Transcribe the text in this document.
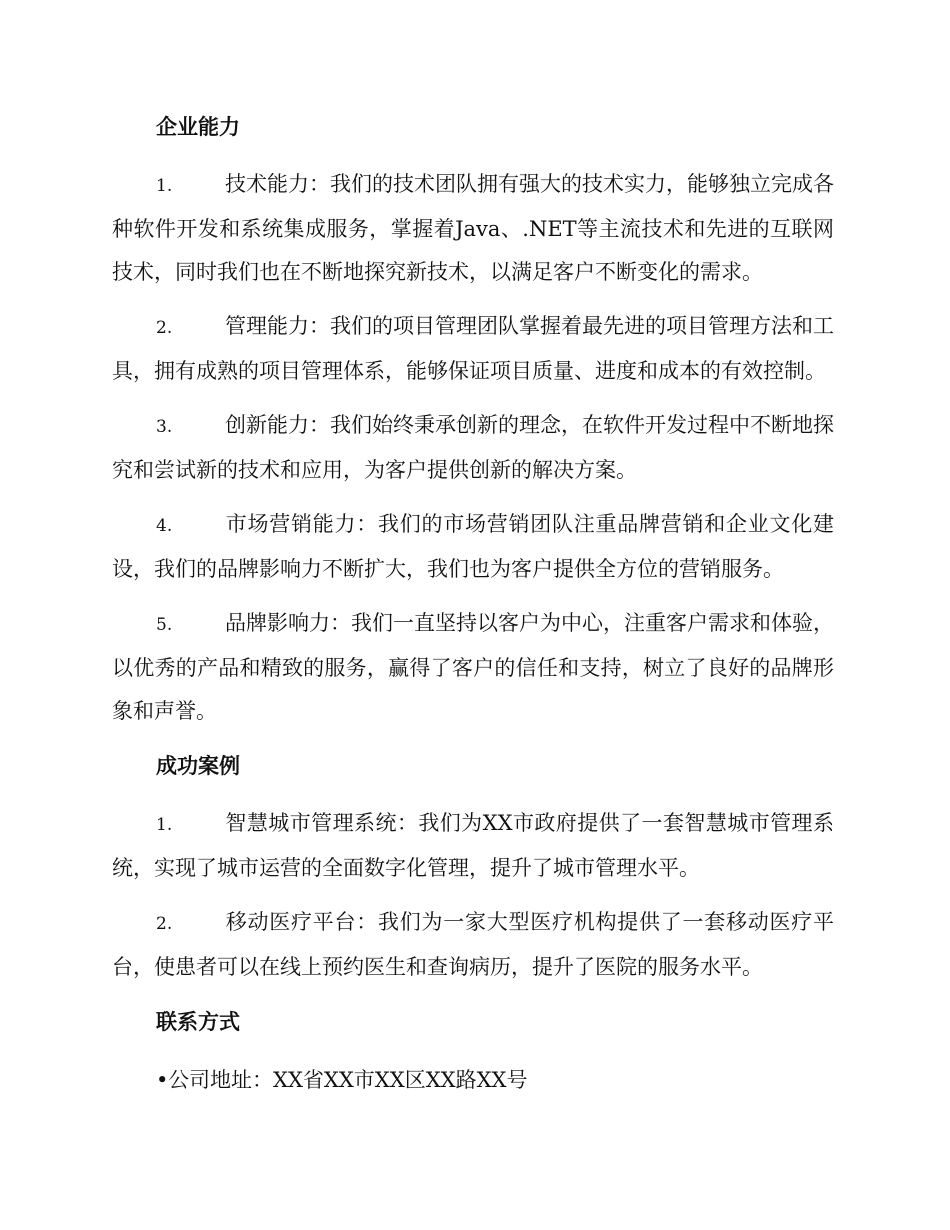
企业能力

1.	技术能力：我们的技术团队拥有强大的技术实力，能够独立完成各种软件开发和系统集成服务，掌握着Java、.NET等主流技术和先进的互联网技术，同时我们也在不断地探究新技术，以满足客户不断变化的需求。

2.	管理能力：我们的项目管理团队掌握着最先进的项目管理方法和工具，拥有成熟的项目管理体系，能够保证项目质量、进度和成本的有效控制。

3.	创新能力：我们始终秉承创新的理念，在软件开发过程中不断地探究和尝试新的技术和应用，为客户提供创新的解决方案。

4.	市场营销能力：我们的市场营销团队注重品牌营销和企业文化建设，我们的品牌影响力不断扩大，我们也为客户提供全方位的营销服务。

5.	品牌影响力：我们一直坚持以客户为中心，注重客户需求和体验，以优秀的产品和精致的服务，赢得了客户的信任和支持，树立了良好的品牌形象和声誉。

成功案例

1.	智慧城市管理系统：我们为XX市政府提供了一套智慧城市管理系统，实现了城市运营的全面数字化管理，提升了城市管理水平。

2.	移动医疗平台：我们为一家大型医疗机构提供了一套移动医疗平台，使患者可以在线上预约医生和查询病历，提升了医院的服务水平。

联系方式
•公司地址：XX省XX市XX区XX路XX号
